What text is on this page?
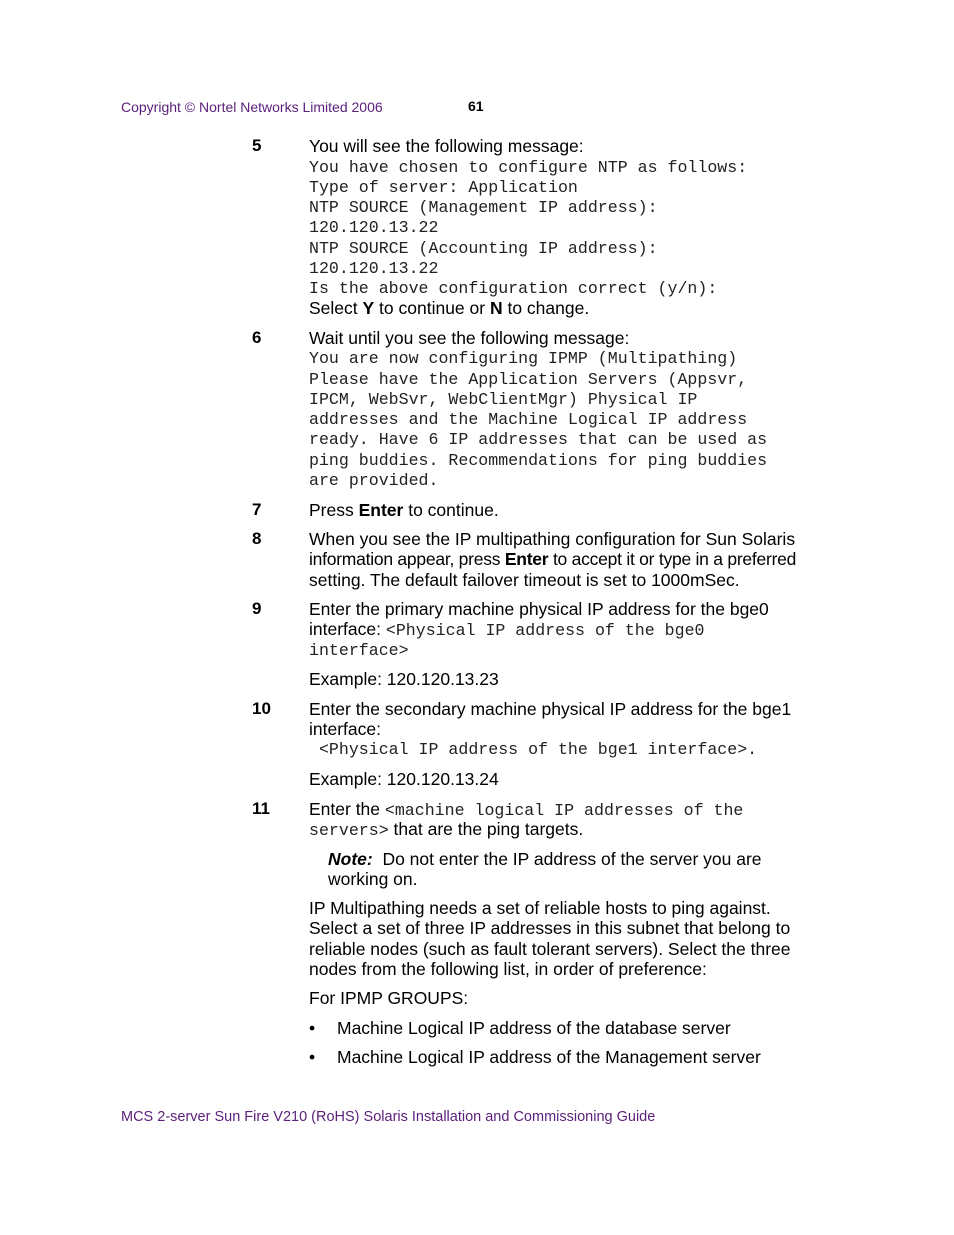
Copyright © Nortel Networks Limited 2006	61
5	You will see the following message:
You have chosen to configure NTP as follows:
Type of server: Application
NTP SOURCE (Management IP address):
120.120.13.22
NTP SOURCE (Accounting IP address):
120.120.13.22
Is the above configuration correct (y/n):
Select Y to continue or N to change.
6	Wait until you see the following message:
You are now configuring IPMP (Multipathing)
Please have the Application Servers (Appsvr,
IPCM, WebSvr, WebClientMgr) Physical IP
addresses and the Machine Logical IP address
ready. Have 6 IP addresses that can be used as
ping buddies. Recommendations for ping buddies
are provided.
7	Press Enter to continue.
8	When you see the IP multipathing configuration for Sun Solaris
information appear, press Enter to accept it or type in a preferred
setting. The default failover timeout is set to 1000mSec.
9	Enter the primary machine physical IP address for the bge0
interface: <Physical IP address of the bge0
interface>
Example: 120.120.13.23
10 Enter the secondary machine physical IP address for the bge1
interface:
<Physical IP address of the bge1 interface>.
Example: 120.120.13.24
11 Enter the <machine logical IP addresses of the
servers> that are the ping targets.
Note:  Do not enter the IP address of the server you are
working on.
IP Multipathing needs a set of reliable hosts to ping against.
Select a set of three IP addresses in this subnet that belong to
reliable nodes (such as fault tolerant servers). Select the three
nodes from the following list, in order of preference:
For IPMP GROUPS:
• Machine Logical IP address of the database server
• Machine Logical IP address of the Management server
MCS 2-server Sun Fire V210 (RoHS) Solaris Installation and Commissioning Guide
